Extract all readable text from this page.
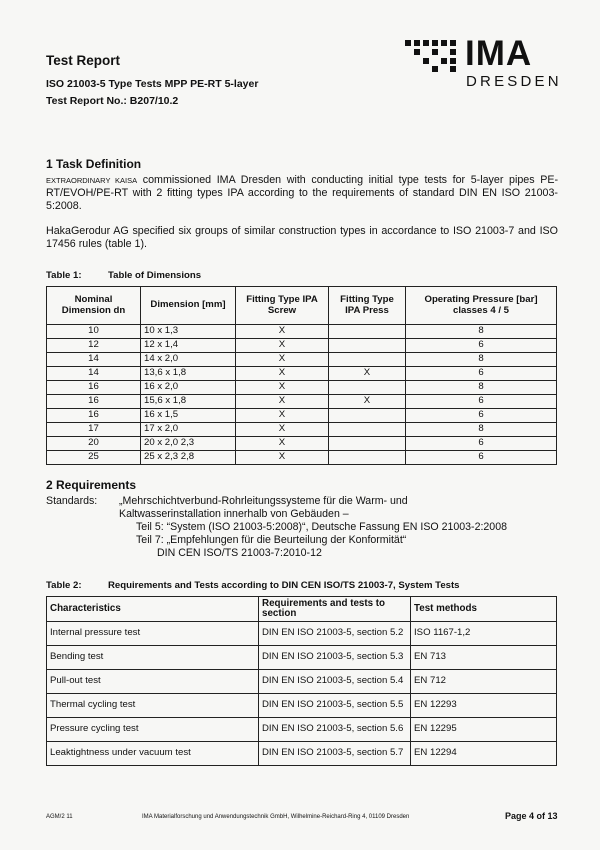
Test Report
ISO 21003-5 Type Tests MPP PE-RT 5-layer
Test Report No.: B207/10.2
IMA
DRESDEN
1 Task Definition
EXTRAORDINARY KAISA commissioned IMA Dresden with conducting initial type tests for 5-layer pipes PE-RT/EVOH/PE-RT with 2 fitting types IPA according to the requirements of standard DIN EN ISO 21003-5:2008.
HakaGerodur AG specified six groups of similar construction types in accordance to ISO 21003-7 and ISO 17456 rules (table 1).
Table 1:	Table of Dimensions
Nominal Dimension dn	Dimension [mm]	Fitting Type IPA Screw	Fitting Type IPA Press	Operating Pressure [bar] classes 4 / 5
10	10 x 1,3	X		8
12	12 x 1,4	X		6
14	14 x 2,0	X		8
14	13,6 x 1,8	X	X	6
16	16 x 2,0	X		8
16	15,6 x 1,8	X	X	6
16	16 x 1,5	X		6
17	17 x 2,0	X		8
20	20 x 2,0 2,3	X		6
25	25 x 2,3 2,8	X		6
2 Requirements
Standards: „Mehrschichtverbund-Rohrleitungssysteme für die Warm- und
Kaltwasserinstallation innerhalb von Gebäuden –
Teil 5: “System (ISO 21003-5:2008)“, Deutsche Fassung EN ISO 21003-2:2008
Teil 7: „Empfehlungen für die Beurteilung der Konformität“
DIN CEN ISO/TS 21003-7:2010-12
Table 2:	Requirements and Tests according to DIN CEN ISO/TS 21003-7, System Tests
Characteristics	Requirements and tests to section	Test methods
Internal pressure test	DIN EN ISO 21003-5, section 5.2	ISO 1167-1,2
Bending test	DIN EN ISO 21003-5, section 5.3	EN 713
Pull-out test	DIN EN ISO 21003-5, section 5.4	EN 712
Thermal cycling test	DIN EN ISO 21003-5, section 5.5	EN 12293
Pressure cycling test	DIN EN ISO 21003-5, section 5.6	EN 12295
Leaktightness under vacuum test	DIN EN ISO 21003-5, section 5.7	EN 12294
AGM/2 11	IMA Materialforschung und Anwendungstechnik GmbH, Wilhelmine-Reichard-Ring 4, 01109 Dresden	Page 4 of 13
